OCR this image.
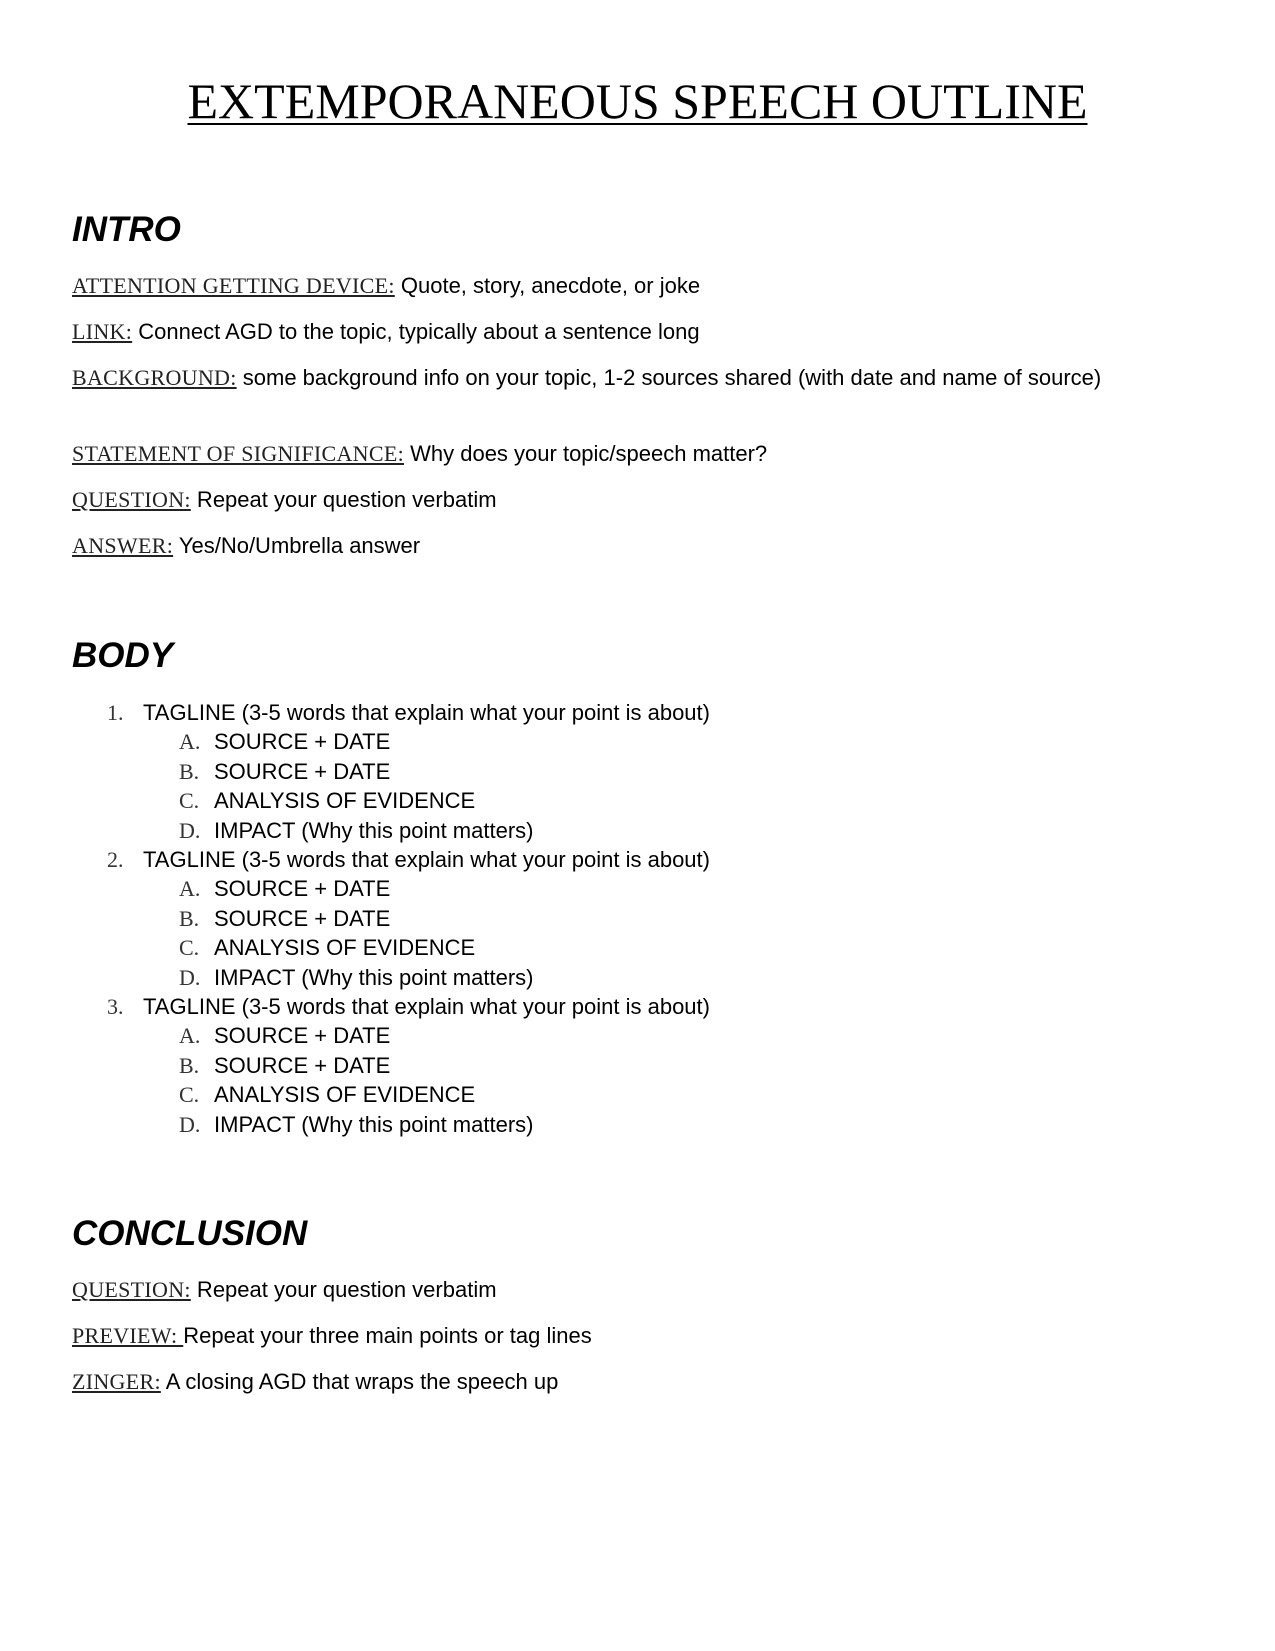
EXTEMPORANEOUS SPEECH OUTLINE
INTRO
ATTENTION GETTING DEVICE: Quote, story, anecdote, or joke
LINK: Connect AGD to the topic, typically about a sentence long
BACKGROUND: some background info on your topic, 1-2 sources shared (with date and name of source)
STATEMENT OF SIGNIFICANCE: Why does your topic/speech matter?
QUESTION: Repeat your question verbatim
ANSWER: Yes/No/Umbrella answer
BODY
1. TAGLINE (3-5 words that explain what your point is about)
A. SOURCE + DATE
B. SOURCE + DATE
C. ANALYSIS OF EVIDENCE
D. IMPACT (Why this point matters)
2. TAGLINE (3-5 words that explain what your point is about)
A. SOURCE + DATE
B. SOURCE + DATE
C. ANALYSIS OF EVIDENCE
D. IMPACT (Why this point matters)
3. TAGLINE (3-5 words that explain what your point is about)
A. SOURCE + DATE
B. SOURCE + DATE
C. ANALYSIS OF EVIDENCE
D. IMPACT (Why this point matters)
CONCLUSION
QUESTION: Repeat your question verbatim
PREVIEW: Repeat your three main points or tag lines
ZINGER: A closing AGD that wraps the speech up
